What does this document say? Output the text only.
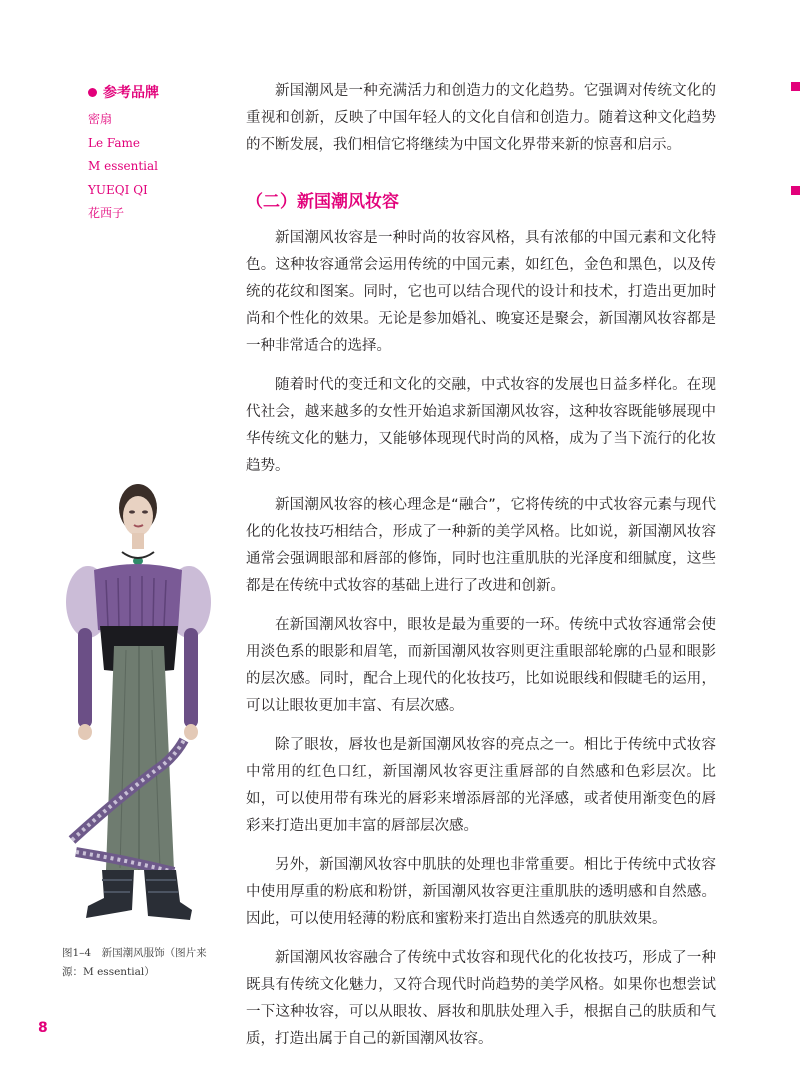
参考品牌
密扇
Le Fame
M essential
YUEQI QI
花西子

新国潮风是一种充满活力和创造力的文化趋势。它强调对传统文化的重视和创新，反映了中国年轻人的文化自信和创造力。随着这种文化趋势的不断发展，我们相信它将继续为中国文化界带来新的惊喜和启示。

（二）新国潮风妆容

新国潮风妆容是一种时尚的妆容风格，具有浓郁的中国元素和文化特色。这种妆容通常会运用传统的中国元素，如红色，金色和黑色，以及传统的花纹和图案。同时，它也可以结合现代的设计和技术，打造出更加时尚和个性化的效果。无论是参加婚礼、晚宴还是聚会，新国潮风妆容都是一种非常适合的选择。

随着时代的变迁和文化的交融，中式妆容的发展也日益多样化。在现代社会，越来越多的女性开始追求新国潮风妆容，这种妆容既能够展现中华传统文化的魅力，又能够体现现代时尚的风格，成为了当下流行的化妆趋势。

新国潮风妆容的核心理念是“融合”，它将传统的中式妆容元素与现代化的化妆技巧相结合，形成了一种新的美学风格。比如说，新国潮风妆容通常会强调眼部和唇部的修饰，同时也注重肌肤的光泽度和细腻度，这些都是在传统中式妆容的基础上进行了改进和创新。

在新国潮风妆容中，眼妆是最为重要的一环。传统中式妆容通常会使用淡色系的眼影和眉笔，而新国潮风妆容则更注重眼部轮廓的凸显和眼影的层次感。同时，配合上现代的化妆技巧，比如说眼线和假睫毛的运用，可以让眼妆更加丰富、有层次感。

除了眼妆，唇妆也是新国潮风妆容的亮点之一。相比于传统中式妆容中常用的红色口红，新国潮风妆容更注重唇部的自然感和色彩层次。比如，可以使用带有珠光的唇彩来增添唇部的光泽感，或者使用渐变色的唇彩来打造出更加丰富的唇部层次感。

另外，新国潮风妆容中肌肤的处理也非常重要。相比于传统中式妆容中使用厚重的粉底和粉饼，新国潮风妆容更注重肌肤的透明感和自然感。因此，可以使用轻薄的粉底和蜜粉来打造出自然透亮的肌肤效果。

新国潮风妆容融合了传统中式妆容和现代化的化妆技巧，形成了一种既具有传统文化魅力，又符合现代时尚趋势的美学风格。如果你也想尝试一下这种妆容，可以从眼妆、唇妆和肌肤处理入手，根据自己的肤质和气质，打造出属于自己的新国潮风妆容。

图1–4　新国潮风服饰（图片来源：M essential）
8
